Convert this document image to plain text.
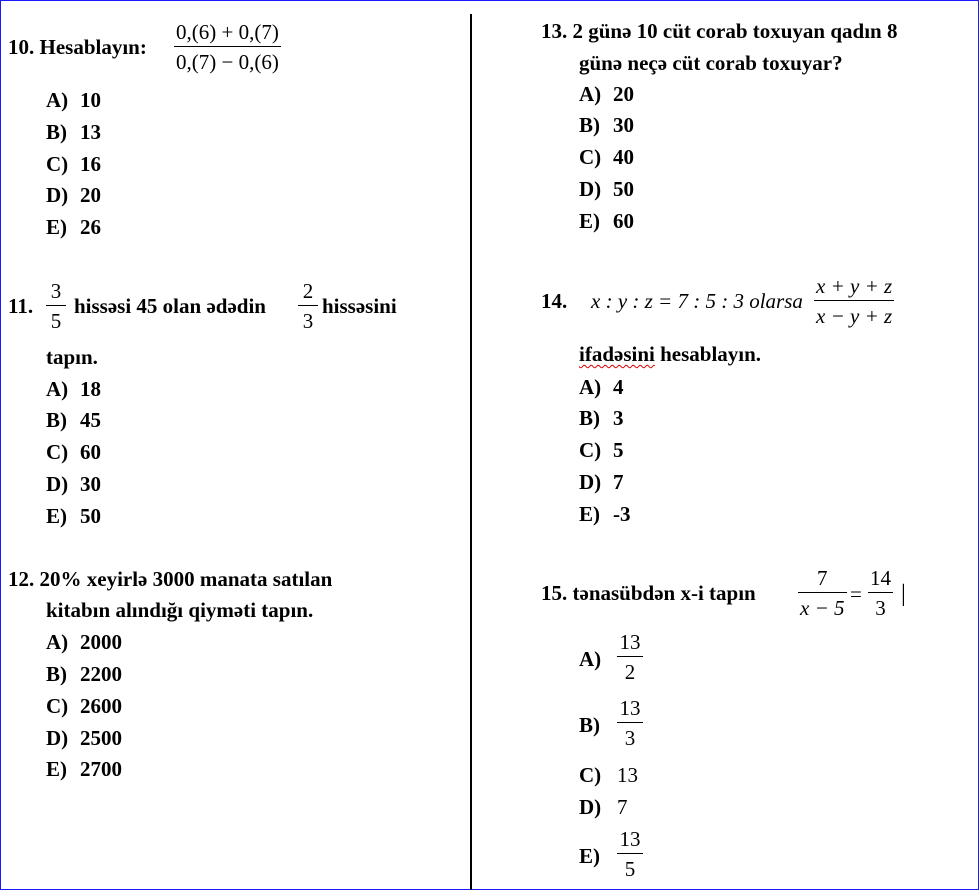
10. Hesablayın:
0,(6) + 0,(7)
0,(7) − 0,(6)
A) 10
B) 13
C) 16
D) 20
E) 26
11.
3
5
hissəsi 45 olan ədədin
2
3
hissəsini
tapın.
A) 18
B) 45
C) 60
D) 30
E) 50
12. 20% xeyirlə 3000 manata satılan
kitabın alındığı qiymәti tapın.
A) 2000
B) 2200
C) 2600
D) 2500
E) 2700
13. 2 günə 10 cüt corab toxuyan qadın 8
günə neçə cüt corab toxuyar?
A) 20
B) 30
C) 40
D) 50
E) 60
14. x : y : z = 7 : 5 : 3 olarsa
x + y + z
x − y + z
ifadəsini hesablayın.
A) 4
B) 3
C) 5
D) 7
E) -3
15. tənasübdən x-i tapın
7
x − 5
=
14
3
|
A)
13
2
B)
13
3
C) 13
D) 7
E)
13
5
